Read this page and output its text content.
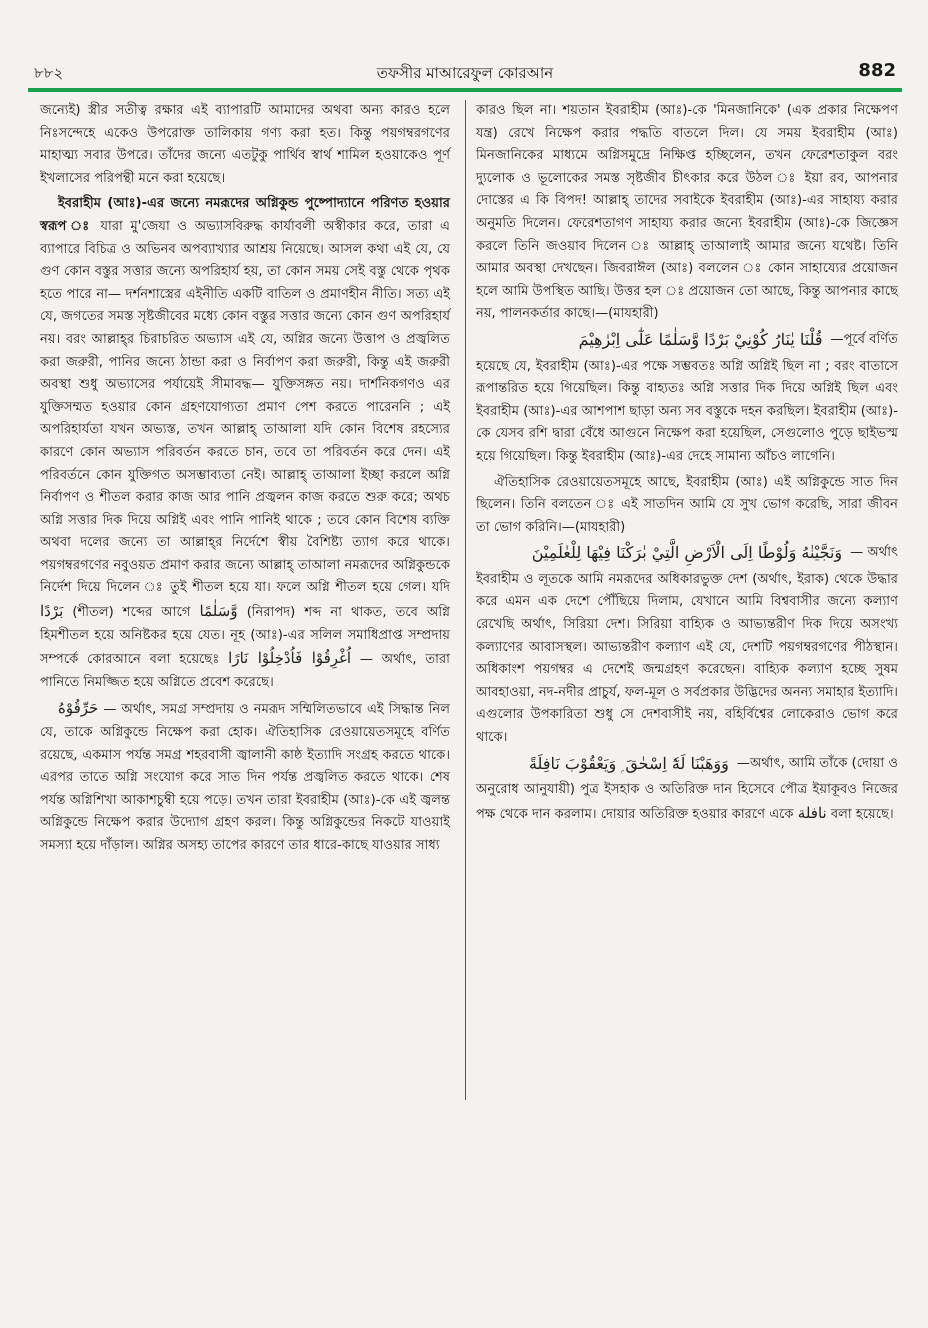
৮৮২	তফসীর মাআরেফুল কোরআন	882

জন্যেই) স্ত্রীর সতীত্ব রক্ষার এই ব্যাপারটি আমাদের অথবা অন্য কারও হলে নিঃসন্দেহে একেও উপরোক্ত তালিকায় গণ্য করা হত। কিন্তু পয়গম্বরগণের মাহাত্ম্য সবার উপরে। তাঁদের জন্যে এতটুকু পার্থিব স্বার্থ শামিল হওয়াকেও পূর্ণ ইখলাসের পরিপন্থী মনে করা হয়েছে।

ইবরাহীম (আঃ)-এর জন্যে নমরূদের অগ্নিকুন্ড পুষ্পোদ্যানে পরিণত হওয়ার স্বরূপ ঃ যারা মু'জেযা ও অভ্যাসবিরুদ্ধ কার্যাবলী অস্বীকার করে, তারা এ ব্যাপারে বিচিত্র ও অভিনব অপব্যাখ্যার আশ্রয় নিয়েছে। আসল কথা এই যে, যে গুণ কোন বস্তুর সত্তার জন্যে অপরিহার্য হয়, তা কোন সময় সেই বস্তু থেকে পৃথক হতে পারে না— দর্শনশাস্ত্রের এইনীতি একটি বাতিল ও প্রমাণহীন নীতি। সত্য এই যে, জগতের সমস্ত সৃষ্টজীবের মধ্যে কোন বস্তুর সত্তার জন্যে কোন গুণ অপরিহার্য নয়। বরং আল্লাহ্‌র চিরাচরিত অভ্যাস এই যে, অগ্নির জন্যে উত্তাপ ও প্রজ্বলিত করা জরুরী, পানির জন্যে ঠান্ডা করা ও নির্বাপণ করা জরুরী, কিন্তু এই জরুরী অবস্থা শুধু অভ্যাসের পর্যায়েই সীমাবদ্ধ— যুক্তিসঙ্গত নয়। দার্শনিকগণও এর যুক্তিসম্মত হওয়ার কোন গ্রহণযোগ্যতা প্রমাণ পেশ করতে পারেননি ; এই অপরিহার্যতা যখন অভ্যস্ত, তখন আল্লাহ্ তাআলা যদি কোন বিশেষ রহস্যের কারণে কোন অভ্যাস পরিবর্তন করতে চান, তবে তা পরিবর্তন করে দেন। এই পরিবর্তনে কোন যুক্তিগত অসম্ভাব্যতা নেই। আল্লাহ্ তাআলা ইচ্ছা করলে অগ্নি নির্বাপণ ও শীতল করার কাজ আর পানি প্রজ্বলন কাজ করতে শুরু করে; অথচ অগ্নি সত্তার দিক দিয়ে অগ্নিই এবং পানি পানিই থাকে ; তবে কোন বিশেষ ব্যক্তি অথবা দলের জন্যে তা আল্লাহ্‌র নির্দেশে স্বীয় বৈশিষ্ট্য ত্যাগ করে থাকে। পয়গম্বরগণের নবুওয়ত প্রমাণ করার জন্যে আল্লাহ্ তাআলা নমরূদের অগ্নিকুন্ডকে নির্দেশ দিয়ে দিলেন ঃ তুই শীতল হয়ে যা। ফলে অগ্নি শীতল হয়ে গেল। যদি بَرْدًا (শীতল) শব্দের আগে وَّسَلٰمًا (নিরাপদ) শব্দ না থাকত, তবে অগ্নি হিমশীতল হয়ে অনিষ্টকর হয়ে যেত। নূহ (আঃ)-এর সলিল সমাধিপ্রাপ্ত সম্প্রদায় সম্পর্কে কোরআনে বলা হয়েছেঃ اُغْرِقُوْا فَاُدْخِلُوْا نَارًا — অর্থাৎ, তারা পানিতে নিমজ্জিত হয়ে অগ্নিতে প্রবেশ করেছে।

حَرِّقُوْهُ — অর্থাৎ, সমগ্র সম্প্রদায় ও নমরূদ সম্মিলিতভাবে এই সিদ্ধান্ত নিল যে, তাকে অগ্নিকুন্ডে নিক্ষেপ করা হোক। ঐতিহাসিক রেওয়ায়েতসমূহে বর্ণিত রয়েছে, একমাস পর্যন্ত সমগ্র শহরবাসী জ্বালানী কাষ্ঠ ইত্যাদি সংগ্রহ করতে থাকে। এরপর তাতে অগ্নি সংযোগ করে সাত দিন পর্যন্ত প্রজ্বলিত করতে থাকে। শেষ পর্যন্ত অগ্নিশিখা আকাশচুম্বী হয়ে পড়ে। তখন তারা ইবরাহীম (আঃ)-কে এই জ্বলন্ত অগ্নিকুন্ডে নিক্ষেপ করার উদ্যোগ গ্রহণ করল। কিন্তু অগ্নিকুন্ডের নিকটে যাওয়াই সমস্যা হয়ে দাঁড়াল। অগ্নির অসহ্য তাপের কারণে তার ধারে-কাছে যাওয়ার সাধ্য

কারও ছিল না। শয়তান ইবরাহীম (আঃ)-কে 'মিনজানিকে' (এক প্রকার নিক্ষেপণ যন্ত্র) রেখে নিক্ষেপ করার পদ্ধতি বাতলে দিল। যে সময় ইবরাহীম (আঃ) মিনজানিকের মাধ্যমে অগ্নিসমুদ্রে নিক্ষিপ্ত হচ্ছিলেন, তখন ফেরেশতাকুল বরং দ্যুলোক ও ভূলোকের সমস্ত সৃষ্টজীব চীৎকার করে উঠল ঃ ইয়া রব, আপনার দোস্তের এ কি বিপদ! আল্লাহ্ তাদের সবাইকে ইবরাহীম (আঃ)-এর সাহায্য করার অনুমতি দিলেন। ফেরেশতাগণ সাহায্য করার জন্যে ইবরাহীম (আঃ)-কে জিজ্ঞেস করলে তিনি জওয়াব দিলেন ঃ আল্লাহ্ তাআলাই আমার জন্যে যথেষ্ট। তিনি আমার অবস্থা দেখছেন। জিবরাঈল (আঃ) বললেন ঃ কোন সাহায্যের প্রয়োজন হলে আমি উপস্থিত আছি। উত্তর হল ঃ প্রয়োজন তো আছে, কিন্তু আপনার কাছে নয়, পালনকর্তার কাছে।—(মাযহারী)

قُلْنَا يٰنَارُ كُوْنِيْ بَرْدًا وَّسَلٰمًا عَلٰٓى اِبْرٰهِيْمَ —পূর্বে বর্ণিত

হয়েছে যে, ইবরাহীম (আঃ)-এর পক্ষে সম্ভবতঃ অগ্নি অগ্নিই ছিল না ; বরং বাতাসে রূপান্তরিত হয়ে গিয়েছিল। কিন্তু বাহ্যতঃ অগ্নি সত্তার দিক দিয়ে অগ্নিই ছিল এবং ইবরাহীম (আঃ)-এর আশপাশ ছাড়া অন্য সব বস্তুকে দহন করছিল। ইবরাহীম (আঃ)-কে যেসব রশি দ্বারা বেঁধে আগুনে নিক্ষেপ করা হয়েছিল, সেগুলোও পুড়ে ছাইভস্ম হয়ে গিয়েছিল। কিন্তু ইবরাহীম (আঃ)-এর দেহে সামান্য আঁচও লাগেনি।

ঐতিহাসিক রেওয়ায়েতসমূহে আছে, ইবরাহীম (আঃ) এই অগ্নিকুন্ডে সাত দিন ছিলেন। তিনি বলতেন ঃ এই সাতদিন আমি যে সুখ ভোগ করেছি, সারা জীবন তা ভোগ করিনি।—(মাযহারী)

وَنَجَّيْنٰهُ وَلُوْطًا اِلَى الْاَرْضِ الَّتِيْ بٰرَكْنَا فِيْهَا لِلْعٰلَمِيْنَ — অর্থাৎ

ইবরাহীম ও লূতকে আমি নমরূদের অধিকারভুক্ত দেশ (অর্থাৎ, ইরাক) থেকে উদ্ধার করে এমন এক দেশে পৌঁছিয়ে দিলাম, যেখানে আমি বিশ্ববাসীর জন্যে কল্যাণ রেখেছি অর্থাৎ, সিরিয়া দেশ। সিরিয়া বাহ্যিক ও আভ্যন্তরীণ দিক দিয়ে অসংখ্য কল্যাণের আবাসস্থল। আভ্যন্তরীণ কল্যাণ এই যে, দেশটি পয়গম্বরগণের পীঠস্থান। অধিকাংশ পয়গম্বর এ দেশেই জন্মগ্রহণ করেছেন। বাহ্যিক কল্যাণ হচ্ছে সুষম আবহাওয়া, নদ-নদীর প্রাচুর্য, ফল-মূল ও সর্বপ্রকার উদ্ভিদের অনন্য সমাহার ইত্যাদি। এগুলোর উপকারিতা শুধু সে দেশবাসীই নয়, বহির্বিশ্বের লোকেরাও ভোগ করে থাকে।

وَوَهَبْنَا لَهٗٓ اِسْحٰقَ ۭ وَيَعْقُوْبَ نَافِلَةً —অর্থাৎ, আমি তাঁকে (দোয়া ও

অনুরোধ আনুযায়ী) পুত্র ইসহাক ও অতিরিক্ত দান হিসেবে পৌত্র ইয়াকূবও নিজের পক্ষ থেকে দান করলাম। দোয়ার অতিরিক্ত হওয়ার কারণে একে نافلة বলা হয়েছে।
